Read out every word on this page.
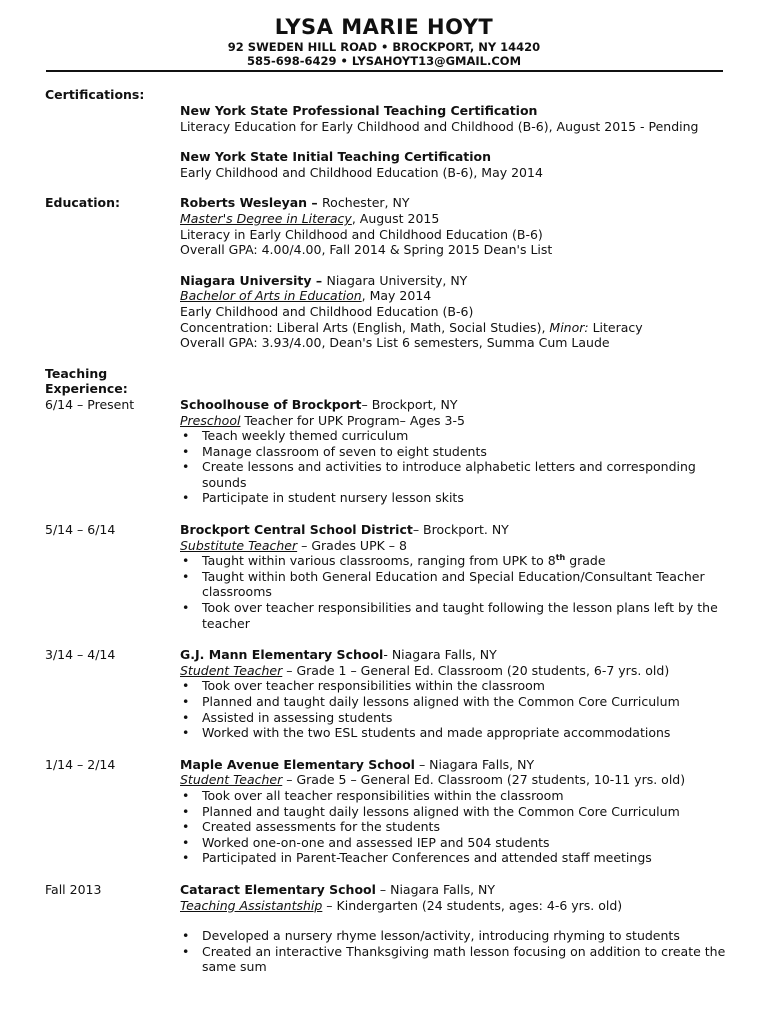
LYSA MARIE HOYT
92 SWEDEN HILL ROAD • BROCKPORT, NY 14420
585-698-6429 • LYSAHOYT13@GMAIL.COM
Certifications:
New York State Professional Teaching Certification
Literacy Education for Early Childhood and Childhood (B-6), August 2015 - Pending
New York State Initial Teaching Certification
Early Childhood and Childhood Education (B-6), May 2014
Education:	Roberts Wesleyan – Rochester, NY
Master's Degree in Literacy, August 2015
Literacy in Early Childhood and Childhood Education (B-6)
Overall GPA: 4.00/4.00, Fall 2014 & Spring 2015 Dean's List
Niagara University – Niagara University, NY
Bachelor of Arts in Education, May 2014
Early Childhood and Childhood Education (B-6)
Concentration: Liberal Arts (English, Math, Social Studies), Minor: Literacy
Overall GPA: 3.93/4.00, Dean's List 6 semesters, Summa Cum Laude
Teaching
Experience:
6/14 – Present	Schoolhouse of Brockport– Brockport, NY
Preschool Teacher for UPK Program– Ages 3-5
• Teach weekly themed curriculum
• Manage classroom of seven to eight students
• Create lessons and activities to introduce alphabetic letters and corresponding sounds
• Participate in student nursery lesson skits
5/14 – 6/14	Brockport Central School District– Brockport. NY
Substitute Teacher – Grades UPK – 8
• Taught within various classrooms, ranging from UPK to 8th grade
• Taught within both General Education and Special Education/Consultant Teacher classrooms
• Took over teacher responsibilities and taught following the lesson plans left by the teacher
3/14 – 4/14	G.J. Mann Elementary School- Niagara Falls, NY
Student Teacher – Grade 1 – General Ed. Classroom (20 students, 6-7 yrs. old)
• Took over teacher responsibilities within the classroom
• Planned and taught daily lessons aligned with the Common Core Curriculum
• Assisted in assessing students
• Worked with the two ESL students and made appropriate accommodations
1/14 – 2/14	Maple Avenue Elementary School – Niagara Falls, NY
Student Teacher – Grade 5 – General Ed. Classroom (27 students, 10-11 yrs. old)
• Took over all teacher responsibilities within the classroom
• Planned and taught daily lessons aligned with the Common Core Curriculum
• Created assessments for the students
• Worked one-on-one and assessed IEP and 504 students
• Participated in Parent-Teacher Conferences and attended staff meetings
Fall 2013	Cataract Elementary School – Niagara Falls, NY
Teaching Assistantship – Kindergarten (24 students, ages: 4-6 yrs. old)
• Developed a nursery rhyme lesson/activity, introducing rhyming to students
• Created an interactive Thanksgiving math lesson focusing on addition to create the same sum
